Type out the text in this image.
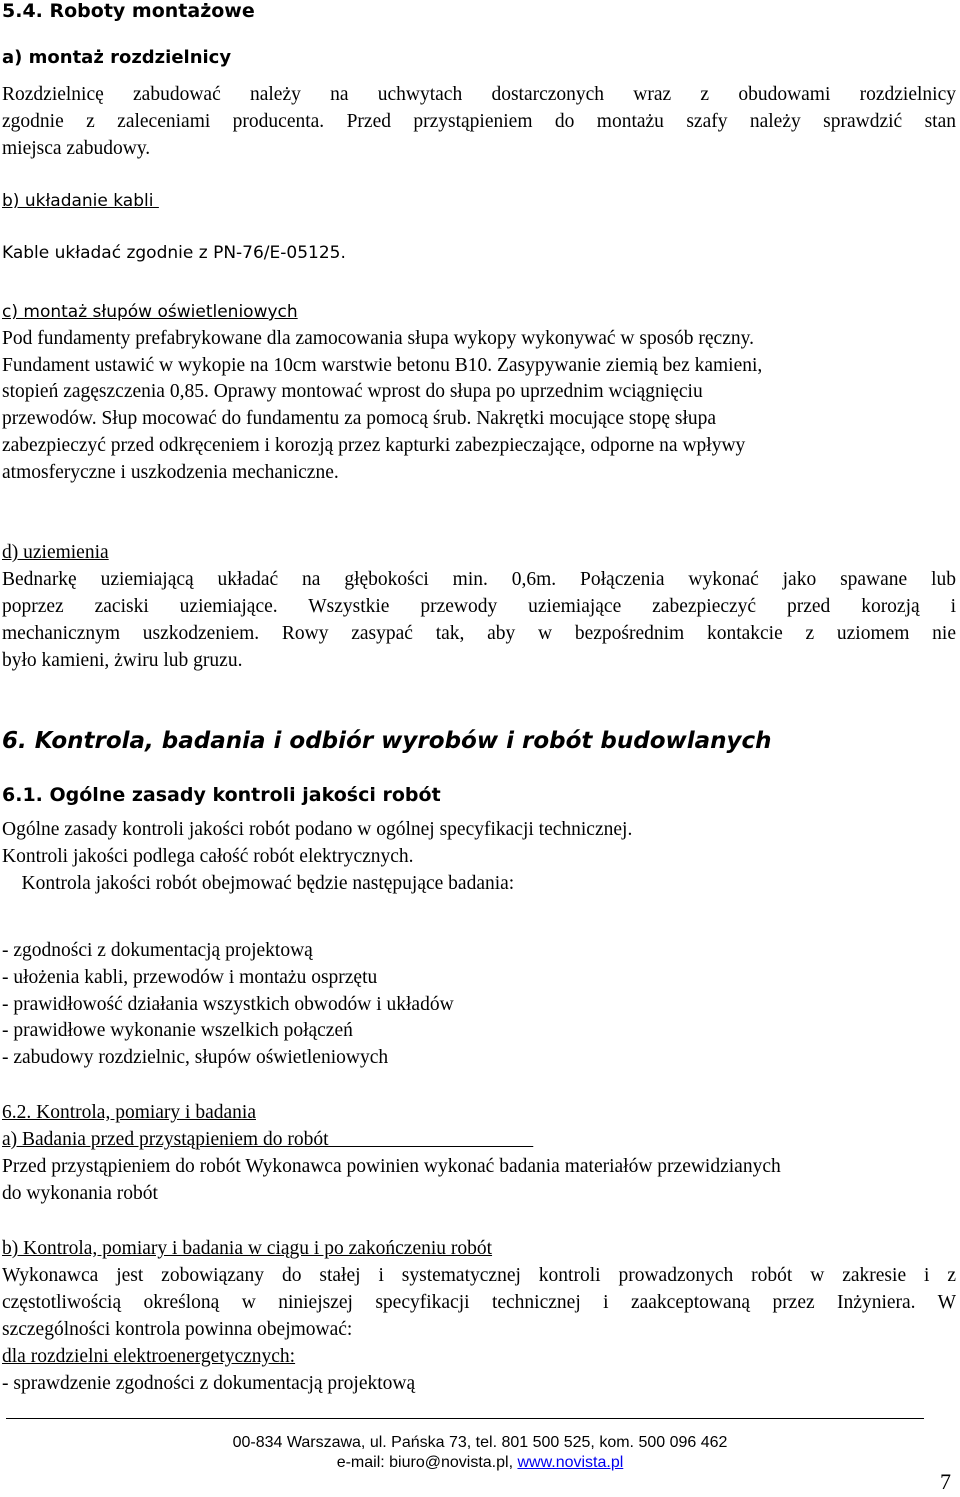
5.4. Roboty montażowe
a) montaż rozdzielnicy
Rozdzielnicę zabudować należy na uchwytach dostarczonych wraz z obudowami rozdzielnicy
zgodnie z zaleceniami producenta. Przed przystąpieniem do montażu szafy należy sprawdzić stan
miejsca zabudowy.
b) układanie kabli
Kable układać zgodnie z PN-76/E-05125.
c) montaż słupów oświetleniowych
Pod fundamenty prefabrykowane dla zamocowania słupa wykopy wykonywać w sposób ręczny.
Fundament ustawić w wykopie na 10cm warstwie betonu B10. Zasypywanie ziemią bez kamieni,
stopień zagęszczenia 0,85. Oprawy montować wprost do słupa po uprzednim wciągnięciu
przewodów. Słup mocować do fundamentu za pomocą śrub. Nakrętki mocujące stopę słupa
zabezpieczyć przed odkręceniem i korozją przez kapturki zabezpieczające, odporne na wpływy
atmosferyczne i uszkodzenia mechaniczne.
d) uziemienia
Bednarkę uziemiającą układać na głębokości min. 0,6m. Połączenia wykonać jako spawane lub
poprzez zaciski uziemiające. Wszystkie przewody uziemiające zabezpieczyć przed korozją i
mechanicznym uszkodzeniem. Rowy zasypać tak, aby w bezpośrednim kontakcie z uziomem nie
było kamieni, żwiru lub gruzu.
6. Kontrola, badania i odbiór wyrobów i robót budowlanych
6.1. Ogólne zasady kontroli jakości robót
Ogólne zasady kontroli jakości robót podano w ogólnej specyfikacji technicznej.
Kontroli jakości podlega całość robót elektrycznych.
Kontrola jakości robót obejmować będzie następujące badania:
- zgodności z dokumentacją projektową
- ułożenia kabli, przewodów i montażu osprzętu
- prawidłowość działania wszystkich obwodów i układów
- prawidłowe wykonanie wszelkich połączeń
- zabudowy rozdzielnic, słupów oświetleniowych
6.2. Kontrola, pomiary i badania
a) Badania przed przystąpieniem do robót
Przed przystąpieniem do robót Wykonawca powinien wykonać badania materiałów przewidzianych
do wykonania robót
b) Kontrola, pomiary i badania w ciągu i po zakończeniu robót
Wykonawca jest zobowiązany do stałej i systematycznej kontroli prowadzonych robót w zakresie i z
częstotliwością określoną w niniejszej specyfikacji technicznej i zaakceptowaną przez Inżyniera. W
szczególności kontrola powinna obejmować:
dla rozdzielni elektroenergetycznych:
- sprawdzenie zgodności z dokumentacją projektową
00-834 Warszawa, ul. Pańska 73, tel. 801 500 525, kom. 500 096 462
e-mail: biuro@novista.pl, www.novista.pl
7
